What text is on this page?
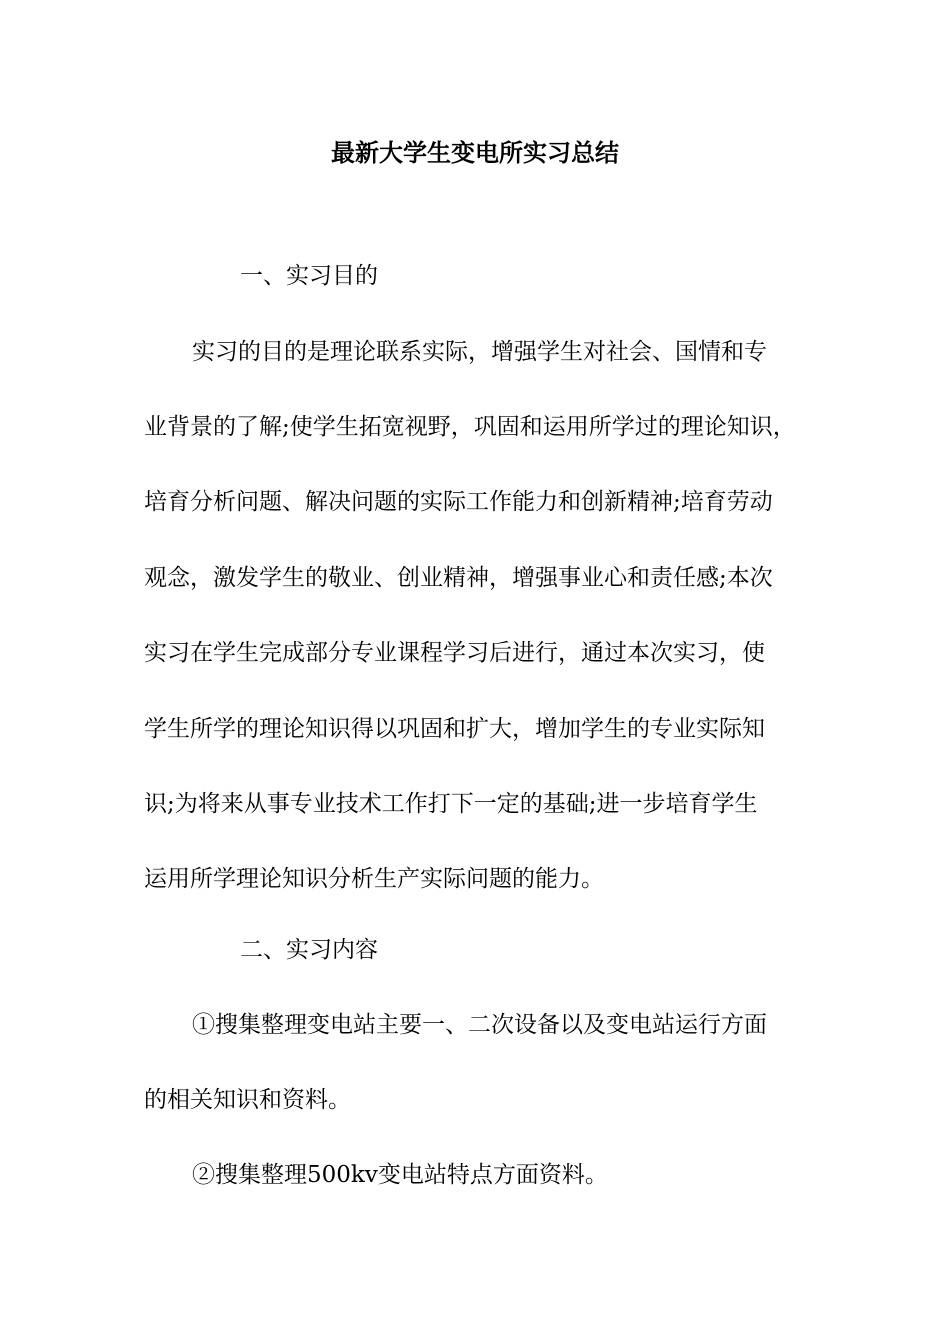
最新大学生变电所实习总结
一、实习目的
实习的目的是理论联系实际，增强学生对社会、国情和专
业背景的了解;使学生拓宽视野，巩固和运用所学过的理论知识，
培育分析问题、解决问题的实际工作能力和创新精神;培育劳动
观念，激发学生的敬业、创业精神，增强事业心和责任感;本次
实习在学生完成部分专业课程学习后进行，通过本次实习，使
学生所学的理论知识得以巩固和扩大，增加学生的专业实际知
识;为将来从事专业技术工作打下一定的基础;进一步培育学生
运用所学理论知识分析生产实际问题的能力。
二、实习内容
①搜集整理变电站主要一、二次设备以及变电站运行方面
的相关知识和资料。
②搜集整理500kv变电站特点方面资料。
